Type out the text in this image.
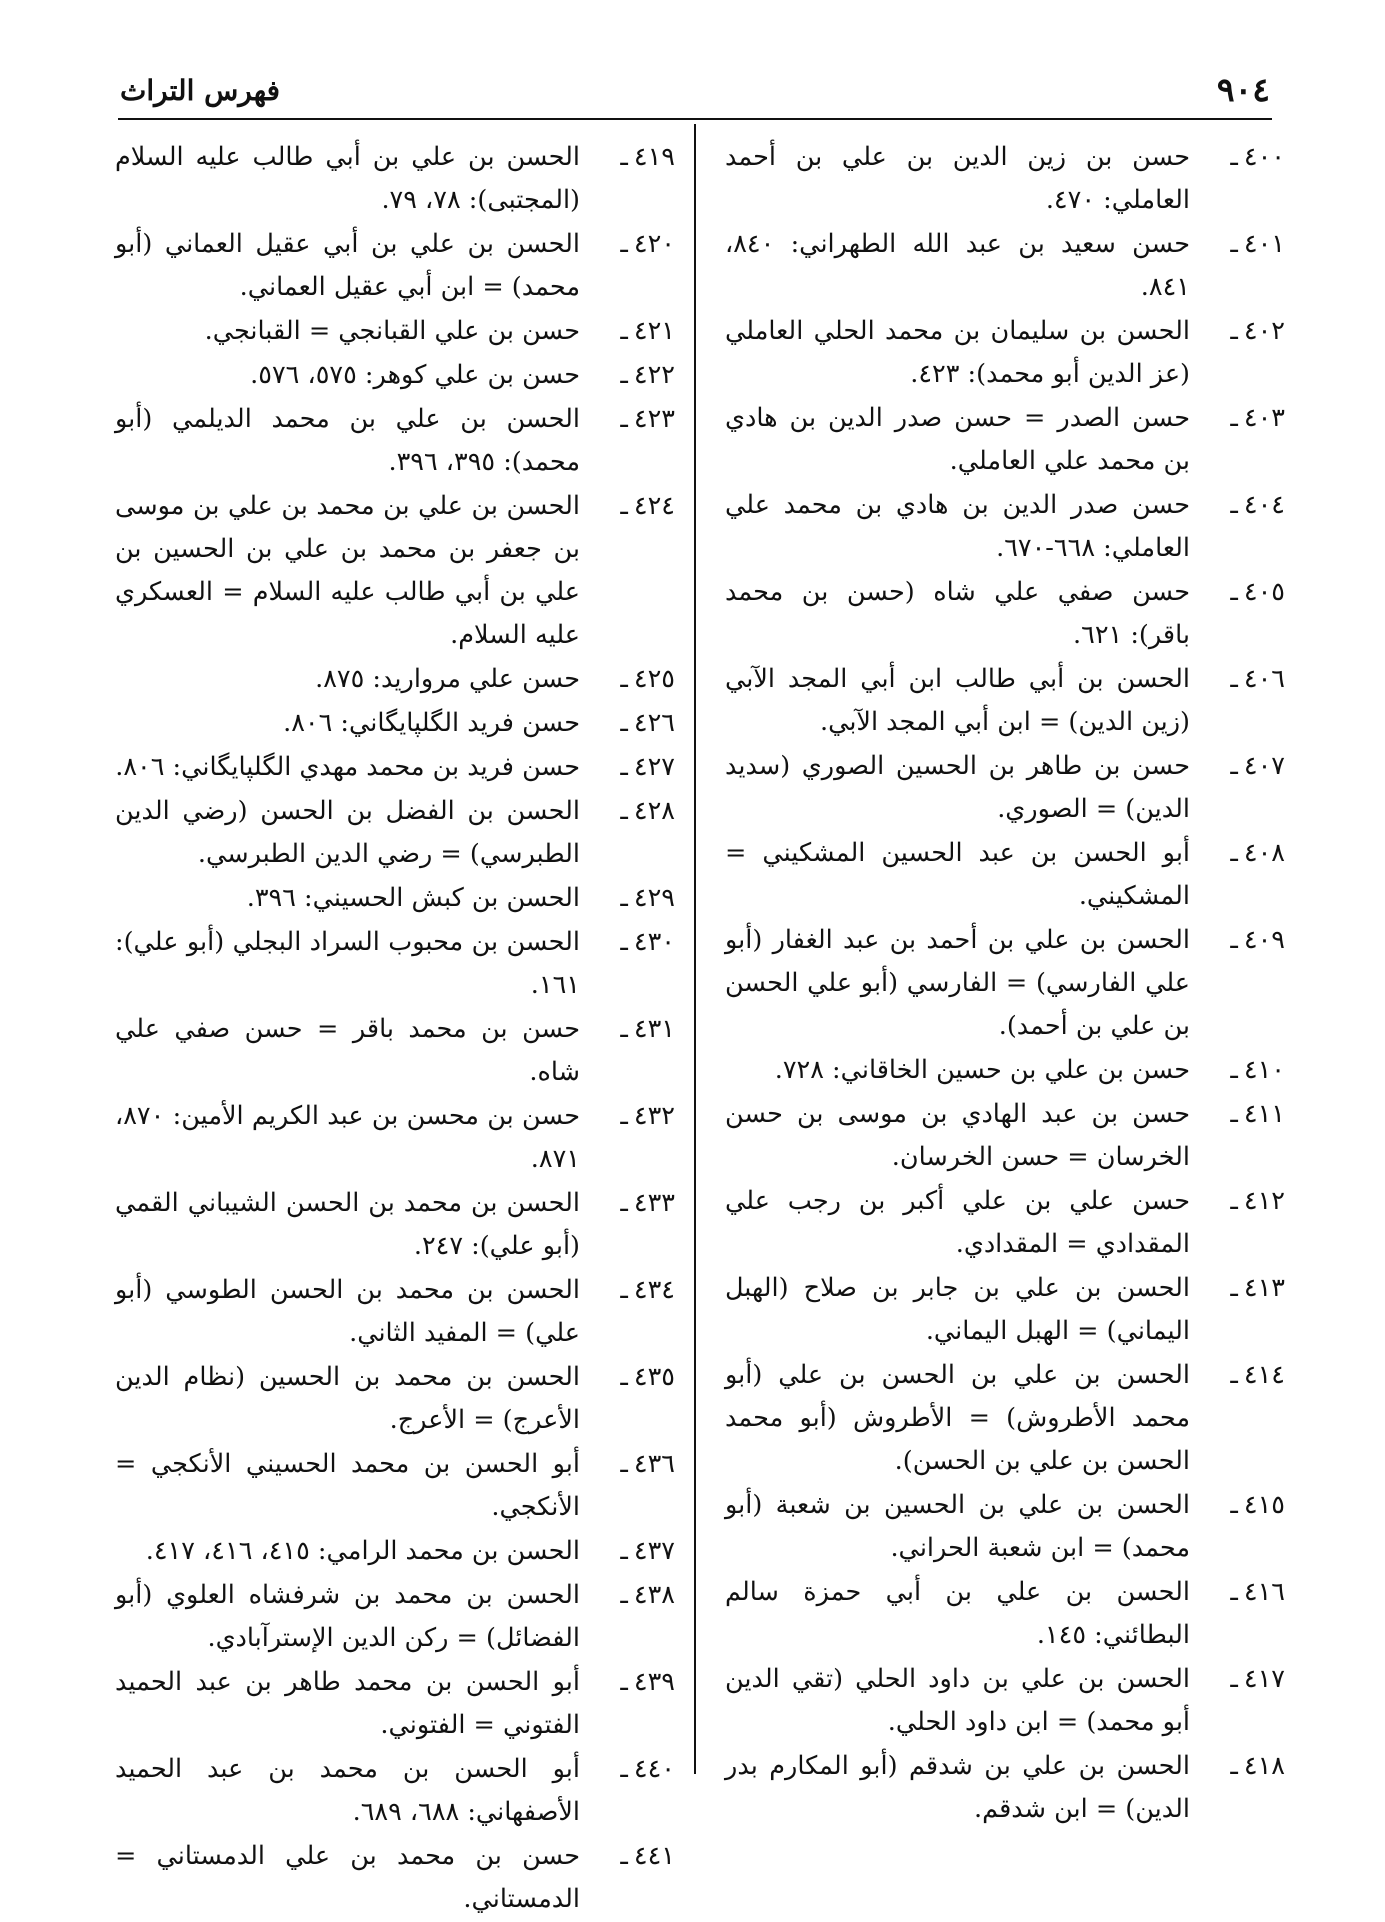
٩٠٤
فهرس التراث
٤٠٠ـ
حسن بن زين الدين بن علي بن أحمد العاملي: ٤٧٠.
٤٠١ـ
حسن سعيد بن عبد الله الطهراني: ٨٤٠، ٨٤١.
٤٠٢ـ
الحسن بن سليمان بن محمد الحلي العاملي (عز الدين أبو محمد): ٤٢٣.
٤٠٣ـ
حسن الصدر = حسن صدر الدين بن هادي بن محمد علي العاملي.
٤٠٤ـ
حسن صدر الدين بن هادي بن محمد علي العاملي: ٦٦٨-٦٧٠.
٤٠٥ـ
حسن صفي علي شاه (حسن بن محمد باقر): ٦٢١.
٤٠٦ـ
الحسن بن أبي طالب ابن أبي المجد الآبي (زين الدين) = ابن أبي المجد الآبي.
٤٠٧ـ
حسن بن طاهر بن الحسين الصوري (سديد الدين) = الصوري.
٤٠٨ـ
أبو الحسن بن عبد الحسين المشكيني = المشكيني.
٤٠٩ـ
الحسن بن علي بن أحمد بن عبد الغفار (أبو علي الفارسي) = الفارسي (أبو علي الحسن بن علي بن أحمد).
٤١٠ـ
حسن بن علي بن حسين الخاقاني: ٧٢٨.
٤١١ـ
حسن بن عبد الهادي بن موسى بن حسن الخرسان = حسن الخرسان.
٤١٢ـ
حسن علي بن علي أكبر بن رجب علي المقدادي = المقدادي.
٤١٣ـ
الحسن بن علي بن جابر بن صلاح (الهبل اليماني) = الهبل اليماني.
٤١٤ـ
الحسن بن علي بن الحسن بن علي (أبو محمد الأطروش) = الأطروش (أبو محمد الحسن بن علي بن الحسن).
٤١٥ـ
الحسن بن علي بن الحسين بن شعبة (أبو محمد) = ابن شعبة الحراني.
٤١٦ـ
الحسن بن علي بن أبي حمزة سالم البطائني: ١٤٥.
٤١٧ـ
الحسن بن علي بن داود الحلي (تقي الدين أبو محمد) = ابن داود الحلي.
٤١٨ـ
الحسن بن علي بن شدقم (أبو المكارم بدر الدين) = ابن شدقم.
٤١٩ـ
الحسن بن علي بن أبي طالب عليه السلام (المجتبى): ٧٨، ٧٩.
٤٢٠ـ
الحسن بن علي بن أبي عقيل العماني (أبو محمد) = ابن أبي عقيل العماني.
٤٢١ـ
حسن بن علي القبانجي = القبانجي.
٤٢٢ـ
حسن بن علي كوهر: ٥٧٥، ٥٧٦.
٤٢٣ـ
الحسن بن علي بن محمد الديلمي (أبو محمد): ٣٩٥، ٣٩٦.
٤٢٤ـ
الحسن بن علي بن محمد بن علي بن موسى بن جعفر بن محمد بن علي بن الحسين بن علي بن أبي طالب عليه السلام = العسكري عليه السلام.
٤٢٥ـ
حسن علي مرواريد: ٨٧٥.
٤٢٦ـ
حسن فريد الگلپايگاني: ٨٠٦.
٤٢٧ـ
حسن فريد بن محمد مهدي الگلپايگاني: ٨٠٦.
٤٢٨ـ
الحسن بن الفضل بن الحسن (رضي الدين الطبرسي) = رضي الدين الطبرسي.
٤٢٩ـ
الحسن بن كبش الحسيني: ٣٩٦.
٤٣٠ـ
الحسن بن محبوب السراد البجلي (أبو علي): ١٦١.
٤٣١ـ
حسن بن محمد باقر = حسن صفي علي شاه.
٤٣٢ـ
حسن بن محسن بن عبد الكريم الأمين: ٨٧٠، ٨٧١.
٤٣٣ـ
الحسن بن محمد بن الحسن الشيباني القمي (أبو علي): ٢٤٧.
٤٣٤ـ
الحسن بن محمد بن الحسن الطوسي (أبو علي) = المفيد الثاني.
٤٣٥ـ
الحسن بن محمد بن الحسين (نظام الدين الأعرج) = الأعرج.
٤٣٦ـ
أبو الحسن بن محمد الحسيني الأنكجي = الأنكجي.
٤٣٧ـ
الحسن بن محمد الرامي: ٤١٥، ٤١٦، ٤١٧.
٤٣٨ـ
الحسن بن محمد بن شرفشاه العلوي (أبو الفضائل) = ركن الدين الإسترآبادي.
٤٣٩ـ
أبو الحسن بن محمد طاهر بن عبد الحميد الفتوني = الفتوني.
٤٤٠ـ
أبو الحسن بن محمد بن عبد الحميد الأصفهاني: ٦٨٨، ٦٨٩.
٤٤١ـ
حسن بن محمد بن علي الدمستاني = الدمستاني.
